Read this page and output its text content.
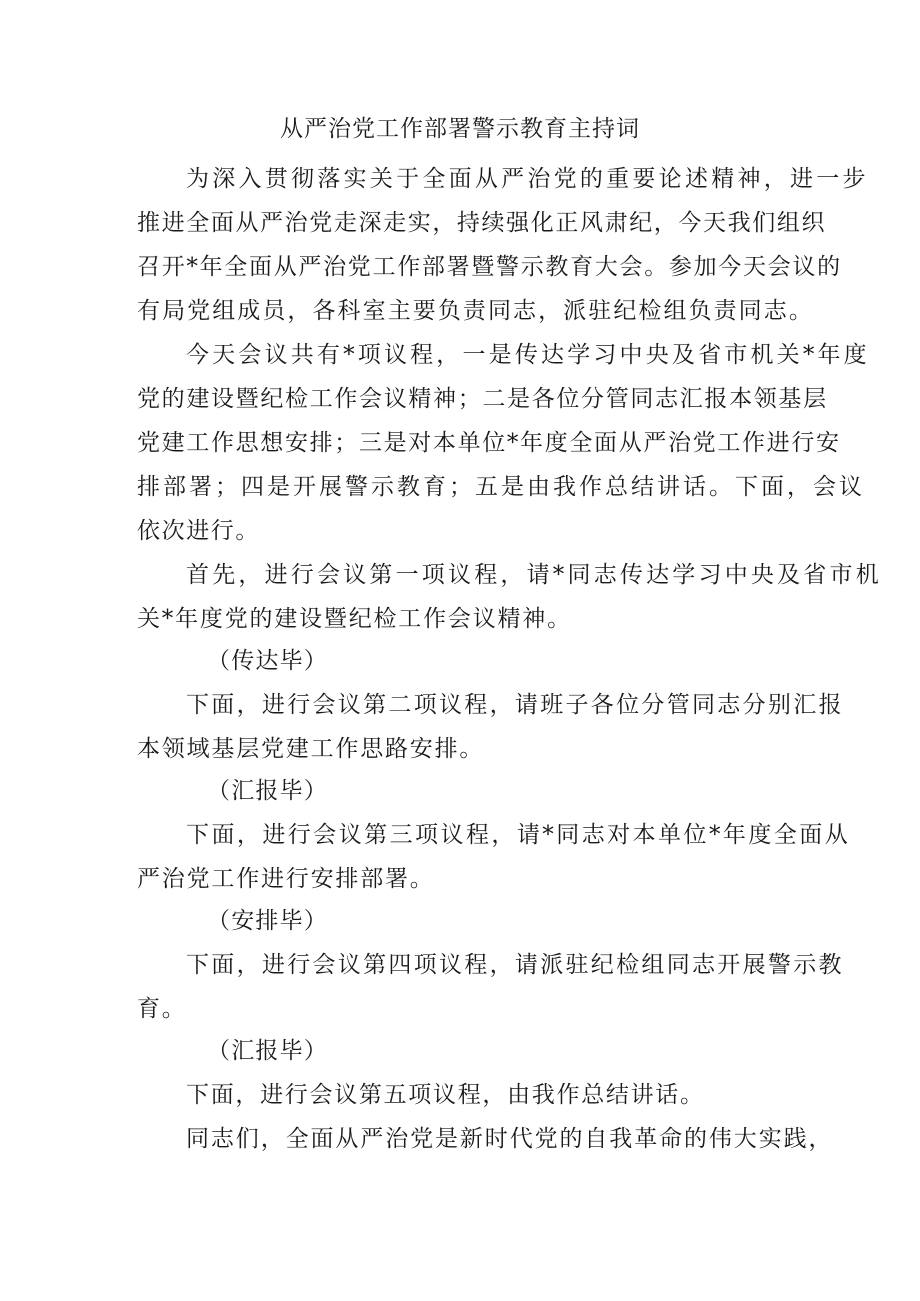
从严治党工作部署警示教育主持词
为深入贯彻落实关于全面从严治党的重要论述精神，进一步
推进全面从严治党走深走实，持续强化正风肃纪，今天我们组织
召开*年全面从严治党工作部署暨警示教育大会。参加今天会议的
有局党组成员，各科室主要负责同志，派驻纪检组负责同志。
今天会议共有*项议程，一是传达学习中央及省市机关*年度
党的建设暨纪检工作会议精神；二是各位分管同志汇报本领基层
党建工作思想安排；三是对本单位*年度全面从严治党工作进行安
排部署；四是开展警示教育；五是由我作总结讲话。下面，会议
依次进行。
首先，进行会议第一项议程，请*同志传达学习中央及省市机
关*年度党的建设暨纪检工作会议精神。
（传达毕）
下面，进行会议第二项议程，请班子各位分管同志分别汇报
本领域基层党建工作思路安排。
（汇报毕）
下面，进行会议第三项议程，请*同志对本单位*年度全面从
严治党工作进行安排部署。
（安排毕）
下面，进行会议第四项议程，请派驻纪检组同志开展警示教
育。
（汇报毕）
下面，进行会议第五项议程，由我作总结讲话。
同志们，全面从严治党是新时代党的自我革命的伟大实践，
